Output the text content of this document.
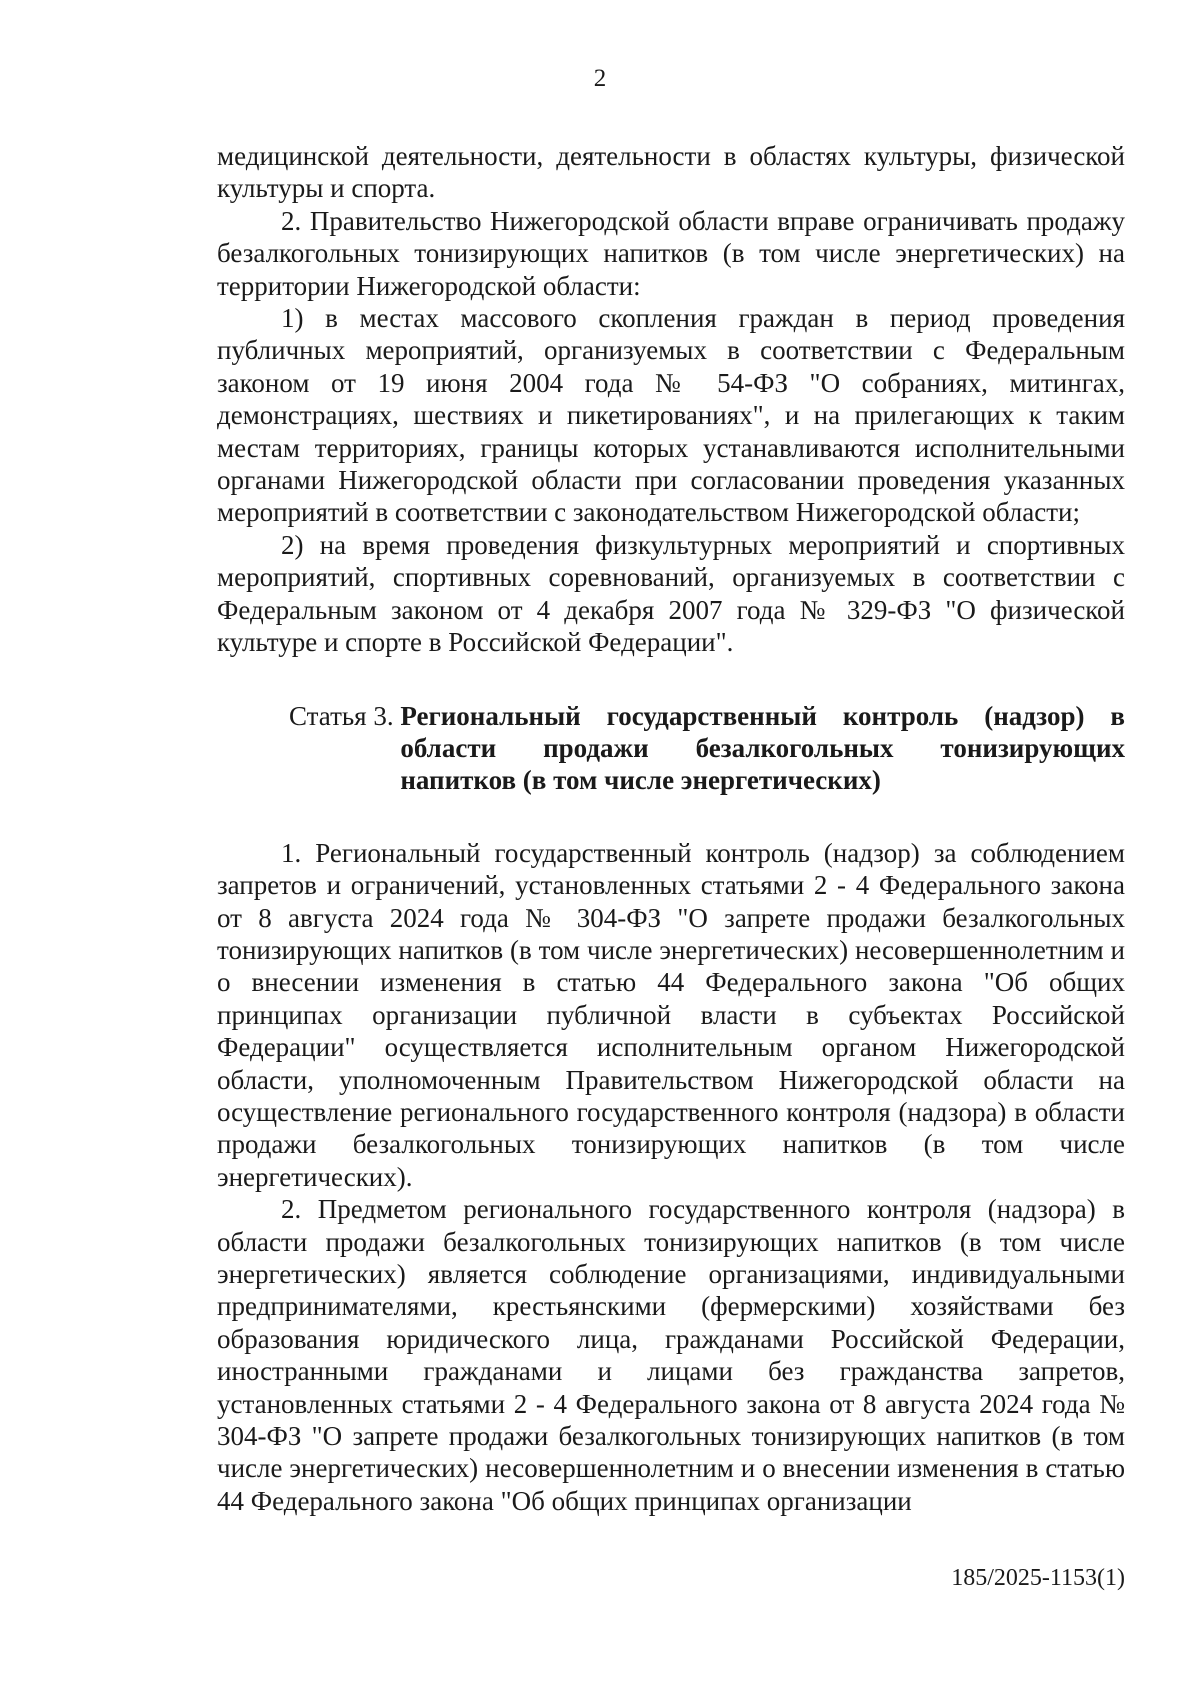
2

медицинской деятельности, деятельности в областях культуры, физической культуры и спорта.

2. Правительство Нижегородской области вправе ограничивать продажу безалкогольных тонизирующих напитков (в том числе энергетических) на территории Нижегородской области:

1) в местах массового скопления граждан в период проведения публичных мероприятий, организуемых в соответствии с Федеральным законом от 19 июня 2004 года № 54-ФЗ "О собраниях, митингах, демонстрациях, шествиях и пикетированиях", и на прилегающих к таким местам территориях, границы которых устанавливаются исполнительными органами Нижегородской области при согласовании проведения указанных мероприятий в соответствии с законодательством Нижегородской области;

2) на время проведения физкультурных мероприятий и спортивных мероприятий, спортивных соревнований, организуемых в соответствии с Федеральным законом от 4 декабря 2007 года № 329-ФЗ "О физической культуре и спорте в Российской Федерации".

Статья 3. Региональный государственный контроль (надзор) в области продажи безалкогольных тонизирующих напитков (в том числе энергетических)

1. Региональный государственный контроль (надзор) за соблюдением запретов и ограничений, установленных статьями 2 - 4 Федерального закона от 8 августа 2024 года № 304-ФЗ "О запрете продажи безалкогольных тонизирующих напитков (в том числе энергетических) несовершеннолетним и о внесении изменения в статью 44 Федерального закона "Об общих принципах организации публичной власти в субъектах Российской Федерации" осуществляется исполнительным органом Нижегородской области, уполномоченным Правительством Нижегородской области на осуществление регионального государственного контроля (надзора) в области продажи безалкогольных тонизирующих напитков (в том числе энергетических).

2. Предметом регионального государственного контроля (надзора) в области продажи безалкогольных тонизирующих напитков (в том числе энергетических) является соблюдение организациями, индивидуальными предпринимателями, крестьянскими (фермерскими) хозяйствами без образования юридического лица, гражданами Российской Федерации, иностранными гражданами и лицами без гражданства запретов, установленных статьями 2 - 4 Федерального закона от 8 августа 2024 года № 304-ФЗ "О запрете продажи безалкогольных тонизирующих напитков (в том числе энергетических) несовершеннолетним и о внесении изменения в статью 44 Федерального закона "Об общих принципах организации

185/2025-1153(1)
